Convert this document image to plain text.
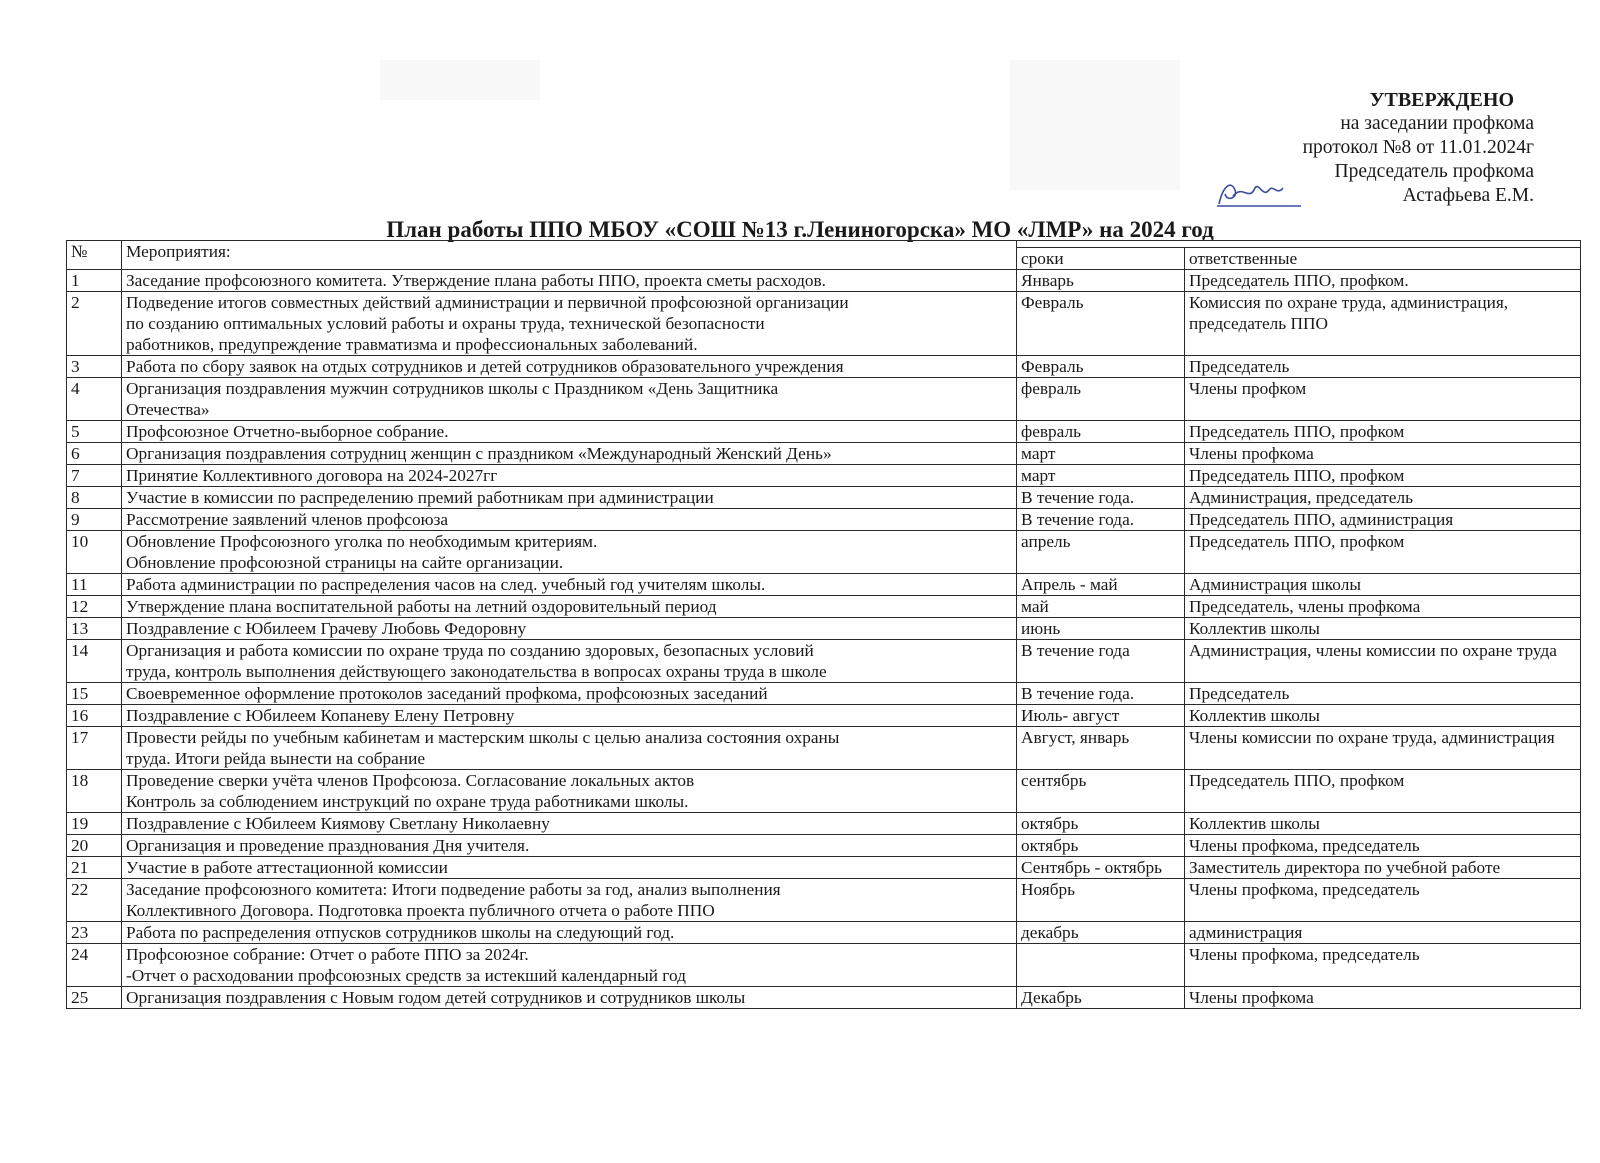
УТВЕРЖДЕНО
на заседании профкома
протокол №8 от 11.01.2024г
Председатель профкома
Астафьева Е.М.
План работы ППО МБОУ «СОШ №13 г.Лениногорска» МО «ЛМР» на 2024 год
№	Мероприятия:		
		сроки	ответственные
1	Заседание профсоюзного комитета. Утверждение плана работы ППО, проекта сметы расходов.	Январь	Председатель ППО, профком.
2	Подведение итогов совместных действий администрации и первичной профсоюзной организации
по созданию оптимальных условий работы и охраны труда, технической безопасности
работников, предупреждение травматизма и профессиональных заболеваний.	Февраль	Комиссия по охране труда, администрация, председатель ППО
3	Работа по сбору заявок на отдых сотрудников и детей сотрудников образовательного учреждения	Февраль	Председатель
4	Организация поздравления мужчин сотрудников школы с Праздником «День Защитника
Отечества»	февраль	Члены профком
5	Профсоюзное Отчетно-выборное собрание.	февраль	Председатель ППО, профком
6	Организация поздравления сотрудниц женщин с праздником «Международный Женский День»	март	Члены профкома
7	Принятие Коллективного договора на 2024-2027гг	март	Председатель ППО, профком
8	Участие в комиссии по распределению премий работникам при администрации	В течение года.	Администрация, председатель
9	Рассмотрение заявлений членов профсоюза	В течение года.	Председатель ППО, администрация
10	Обновление Профсоюзного уголка по необходимым критериям.
Обновление профсоюзной страницы на сайте организации.	апрель	Председатель ППО, профком
11	Работа администрации по распределения часов на след. учебный год учителям школы.	Апрель - май	Администрация школы
12	Утверждение плана воспитательной работы на летний оздоровительный период	май	Председатель, члены профкома
13	Поздравление с Юбилеем Грачеву Любовь Федоровну	июнь	Коллектив школы
14	Организация и работа комиссии по охране труда по созданию здоровых, безопасных условий
труда, контроль выполнения действующего законодательства в вопросах охраны труда в школе	В течение года	Администрация, члены комиссии по охране труда
15	Своевременное оформление протоколов заседаний профкома, профсоюзных заседаний	В течение года.	Председатель
16	Поздравление с Юбилеем Копаневу Елену Петровну	Июль- август	Коллектив школы
17	Провести рейды по учебным кабинетам и мастерским школы с целью анализа состояния охраны
труда. Итоги рейда вынести на собрание	Август, январь	Члены комиссии по охране труда, администрация
18	Проведение сверки учёта членов Профсоюза. Согласование локальных актов
Контроль за соблюдением инструкций по охране труда работниками школы.	сентябрь	Председатель ППО, профком
19	Поздравление с Юбилеем Киямову Светлану Николаевну	октябрь	Коллектив школы
20	Организация и проведение празднования Дня учителя.	октябрь	Члены профкома, председатель
21	Участие в работе аттестационной комиссии	Сентябрь - октябрь	Заместитель директора по учебной работе
22	Заседание профсоюзного комитета: Итоги подведение работы за год, анализ выполнения
Коллективного Договора. Подготовка проекта публичного отчета о работе ППО	Ноябрь	Члены профкома, председатель
23	Работа по распределения отпусков сотрудников школы на следующий год.	декабрь	администрация
24	Профсоюзное собрание: Отчет о работе ППО за 2024г.
-Отчет о расходовании профсоюзных средств за истекший календарный год		Члены профкома, председатель
25	Организация поздравления с Новым годом детей сотрудников и сотрудников школы	Декабрь	Члены профкома
